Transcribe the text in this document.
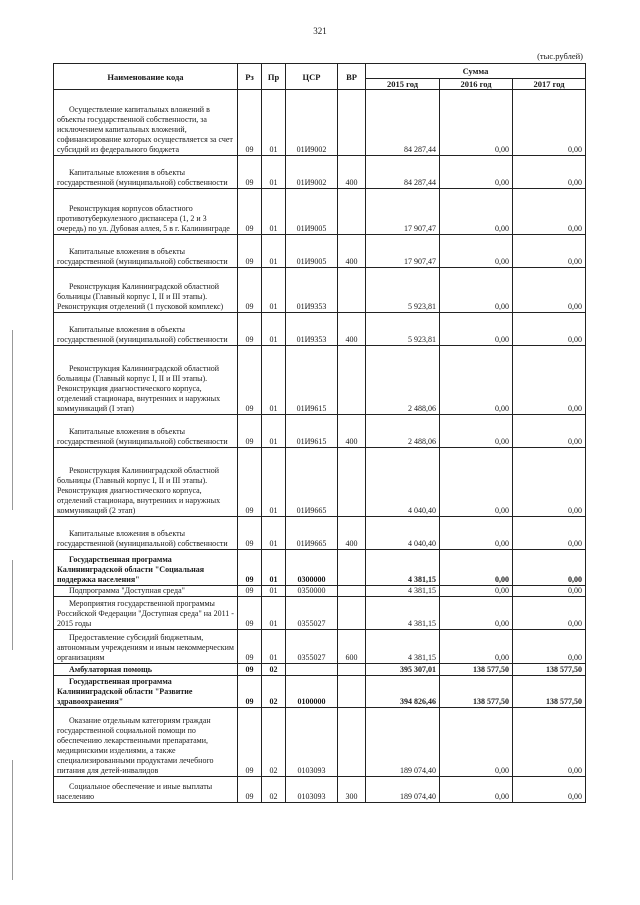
321
(тыс.рублей)
Наименование кода	Рз	Пр	ЦСР	ВР	Сумма		
					2015 год	2016 год	2017 год
Осуществление капитальных вложений в объекты государственной собственности, за исключением капитальных вложений, софинансирование которых осуществляется за счет субсидий из федерального бюджета	09	01	01И9002		84 287,44	0,00	0,00
Капитальные вложения в объекты государственной (муниципальной) собственности	09	01	01И9002	400	84 287,44	0,00	0,00
Реконструкция корпусов областного противотуберкулезного диспансера (1, 2 и 3 очередь) по ул. Дубовая аллея, 5 в г. Калининграде	09	01	01И9005		17 907,47	0,00	0,00
Капитальные вложения в объекты государственной (муниципальной) собственности	09	01	01И9005	400	17 907,47	0,00	0,00
Реконструкция Калининградской областной больницы (Главный корпус I, II и III этапы). Реконструкция отделений (1 пусковой комплекс)	09	01	01И9353		5 923,81	0,00	0,00
Капитальные вложения в объекты государственной (муниципальной) собственности	09	01	01И9353	400	5 923,81	0,00	0,00
Реконструкция Калининградской областной больницы (Главный корпус I, II и III этапы). Реконструкция диагностического корпуса, отделений стационара, внутренних и наружных коммуникаций (I этап)	09	01	01И9615		2 488,06	0,00	0,00
Капитальные вложения в объекты государственной (муниципальной) собственности	09	01	01И9615	400	2 488,06	0,00	0,00
Реконструкция Калининградской областной больницы (Главный корпус I, II и III этапы). Реконструкция диагностического корпуса, отделений стационара, внутренних и наружных коммуникаций (2 этап)	09	01	01И9665		4 040,40	0,00	0,00
Капитальные вложения в объекты государственной (муниципальной) собственности	09	01	01И9665	400	4 040,40	0,00	0,00
Государственная программа Калининградской области "Социальная поддержка населения"	09	01	0300000		4 381,15	0,00	0,00
Подпрограмма "Доступная среда"	09	01	0350000		4 381,15	0,00	0,00
Мероприятия государственной программы Российской Федерации "Доступная среда" на 2011 - 2015 годы	09	01	0355027		4 381,15	0,00	0,00
Предоставление субсидий бюджетным, автономным учреждениям и иным некоммерческим организациям	09	01	0355027	600	4 381,15	0,00	0,00
Амбулаторная помощь	09	02			395 307,01	138 577,50	138 577,50
Государственная программа Калининградской области "Развитие здравоохранения"	09	02	0100000		394 826,46	138 577,50	138 577,50
Оказание отдельным категориям граждан государственной социальной помощи по обеспечению лекарственными препаратами, медицинскими изделиями, а также специализированными продуктами лечебного питания для детей-инвалидов	09	02	0103093		189 074,40	0,00	0,00
Социальное обеспечение и иные выплаты населению	09	02	0103093	300	189 074,40	0,00	0,00
